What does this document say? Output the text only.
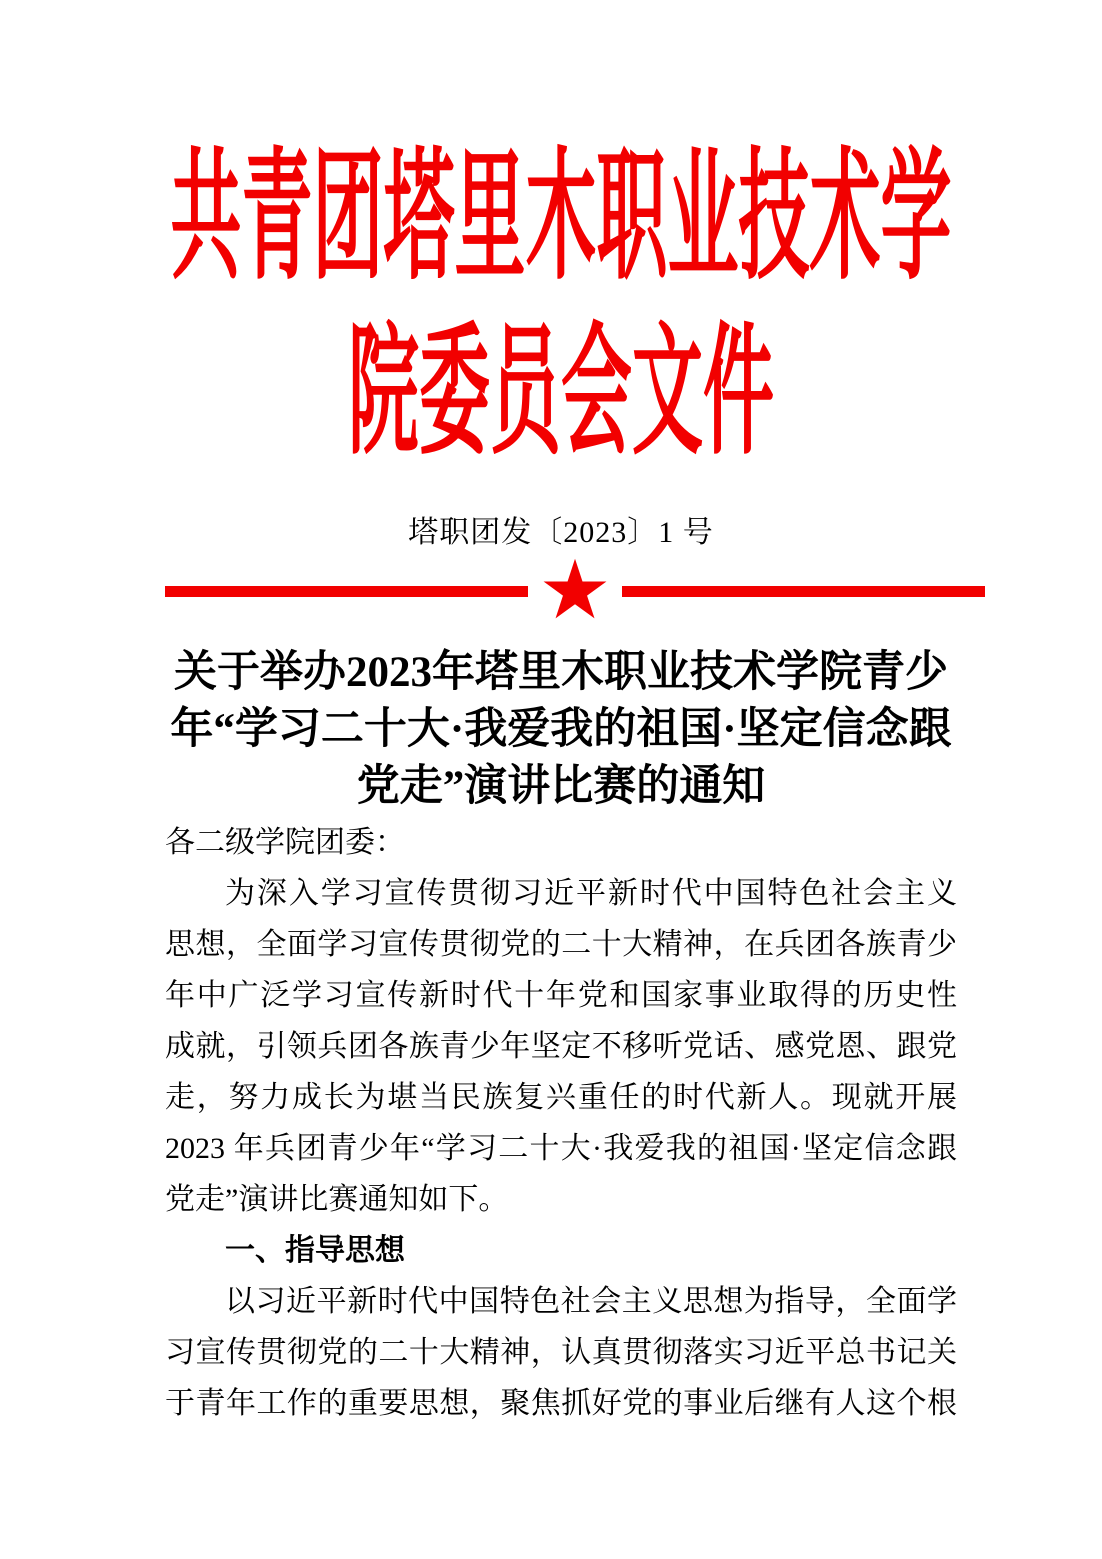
共青团塔里木职业技术学
院委员会文件
塔职团发〔2023〕1 号
★
关于举办2023年塔里木职业技术学院青少
年“学习二十大·我爱我的祖国·坚定信念跟
党走”演讲比赛的通知
各二级学院团委：
为深入学习宣传贯彻习近平新时代中国特色社会主义
思想，全面学习宣传贯彻党的二十大精神，在兵团各族青少
年中广泛学习宣传新时代十年党和国家事业取得的历史性
成就，引领兵团各族青少年坚定不移听党话、感党恩、跟党
走，努力成长为堪当民族复兴重任的时代新人。现就开展
2023 年兵团青少年“学习二十大·我爱我的祖国·坚定信念跟
党走”演讲比赛通知如下。
一、指导思想
以习近平新时代中国特色社会主义思想为指导，全面学
习宣传贯彻党的二十大精神，认真贯彻落实习近平总书记关
于青年工作的重要思想，聚焦抓好党的事业后继有人这个根
